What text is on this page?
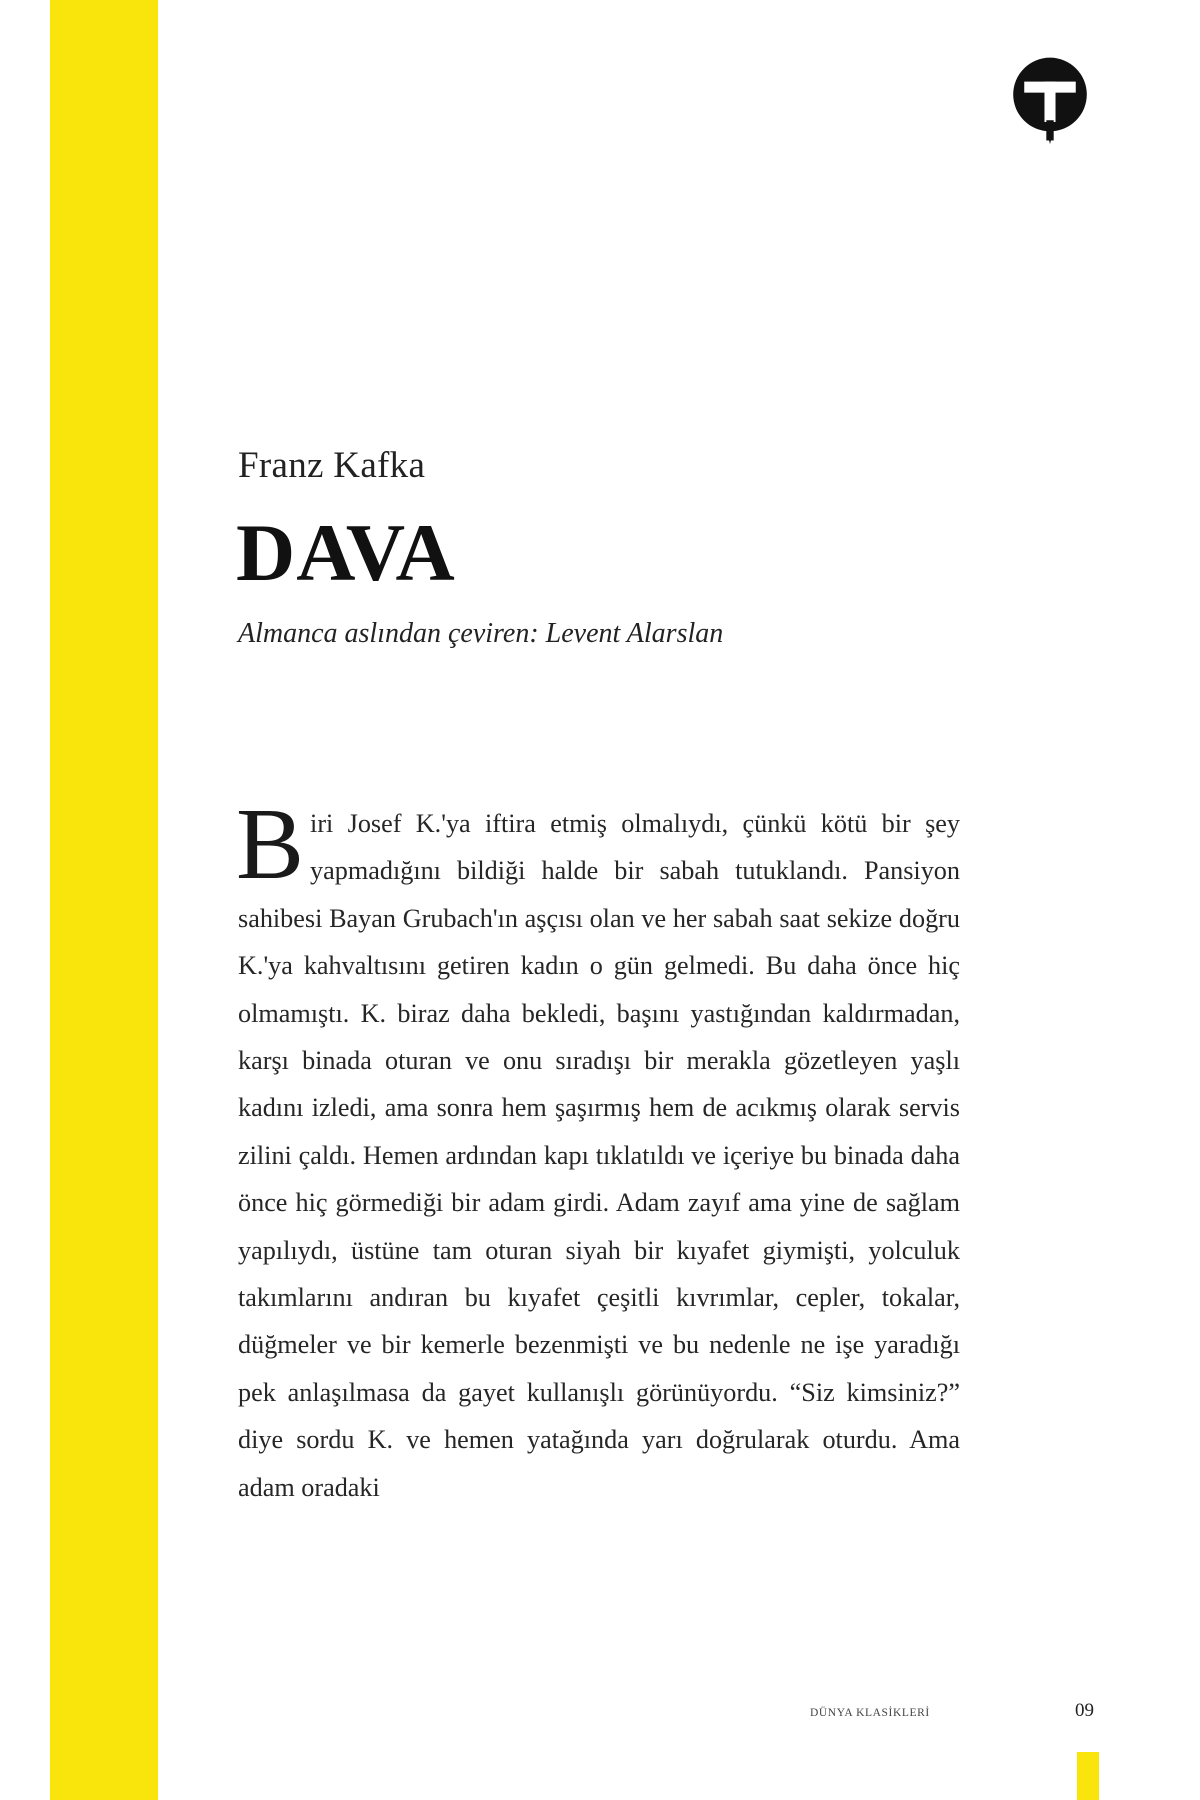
Franz Kafka
DAVA
Almanca aslından çeviren: Levent Alarslan

Biri Josef K.'ya iftira etmiş olmalıydı, çünkü kötü bir şey yapmadığını bildiği halde bir sabah tutuklandı. Pansiyon sahibesi Bayan Grubach'ın aşçısı olan ve her sabah saat sekize doğru K.'ya kahvaltısını getiren kadın o gün gelmedi. Bu daha önce hiç olmamıştı. K. biraz daha bekledi, başını yastığından kaldırmadan, karşı binada oturan ve onu sıradışı bir merakla gözetleyen yaşlı kadını izledi, ama sonra hem şaşırmış hem de acıkmış olarak servis zilini çaldı. Hemen ardından kapı tıklatıldı ve içeriye bu binada daha önce hiç görmediği bir adam girdi. Adam zayıf ama yine de sağlam yapılıydı, üstüne tam oturan siyah bir kıyafet giymişti, yolculuk takımlarını andıran bu kıyafet çeşitli kıvrımlar, cepler, tokalar, düğmeler ve bir kemerle bezenmişti ve bu nedenle ne işe yaradığı pek anlaşılmasa da gayet kullanışlı görünüyordu. “Siz kimsiniz?” diye sordu K. ve hemen yatağında yarı doğrularak oturdu. Ama adam oradaki

DÜNYA KLASİKLERİ	09
